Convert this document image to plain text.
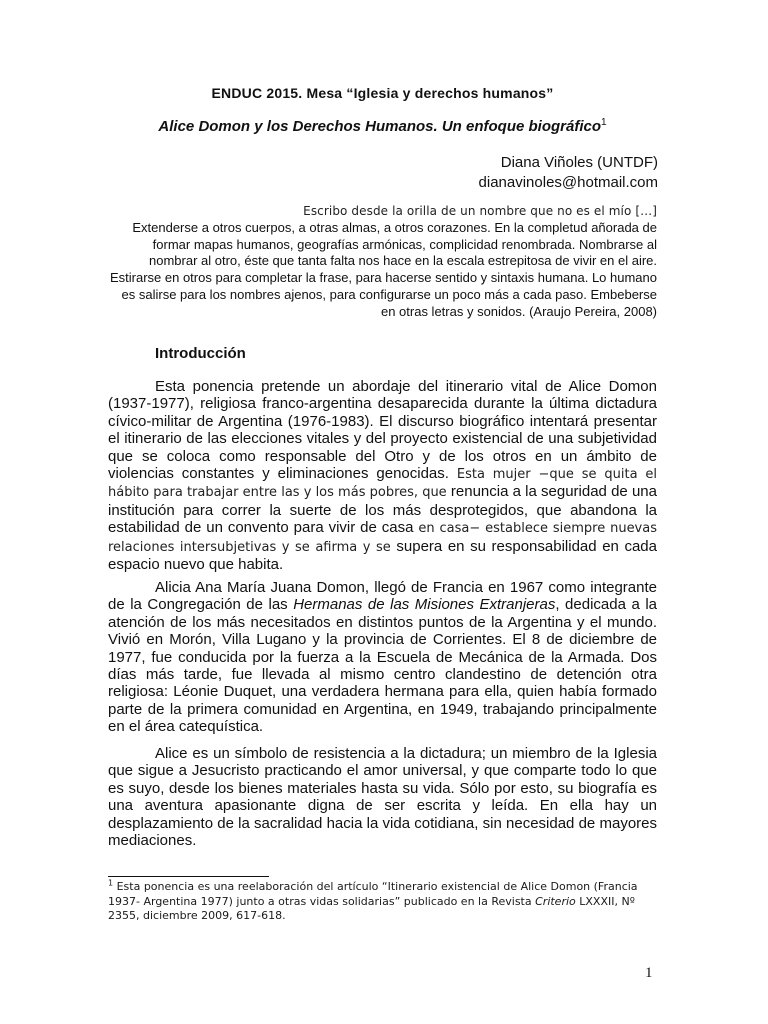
ENDUC 2015. Mesa “Iglesia y derechos humanos”
Alice Domon y los Derechos Humanos. Un enfoque biográfico$^1$
Diana Viñoles (UNTDF)
dianavinoles@hotmail.com
Escribo desde la orilla de un nombre que no es el mío […]
Extenderse a otros cuerpos, a otras almas, a otros corazones. En la completud añorada de formar mapas humanos, geografías armónicas, complicidad renombrada. Nombrarse al nombrar al otro, éste que tanta falta nos hace en la escala estrepitosa de vivir en el aire. Estirarse en otros para completar la frase, para hacerse sentido y sintaxis humana. Lo humano es salirse para los nombres ajenos, para configurarse un poco más a cada paso. Embeberse en otras letras y sonidos. (Araujo Pereira, 2008)
Introducción

Esta ponencia pretende un abordaje del itinerario vital de Alice Domon (1937-1977), religiosa franco-argentina desaparecida durante la última dictadura cívico-militar de Argentina (1976-1983). El discurso biográfico intentará presentar el itinerario de las elecciones vitales y del proyecto existencial de una subjetividad que se coloca como responsable del Otro y de los otros en un ámbito de violencias constantes y eliminaciones genocidas. Esta mujer −que se quita el hábito para trabajar entre las y los más pobres, que renuncia a la seguridad de una institución para correr la suerte de los más desprotegidos, que abandona la estabilidad de un convento para vivir de casa en casa− establece siempre nuevas relaciones intersubjetivas y se afirma y se supera en su responsabilidad en cada espacio nuevo que habita.

Alicia Ana María Juana Domon, llegó de Francia en 1967 como integrante de la Congregación de las Hermanas de las Misiones Extranjeras, dedicada a la atención de los más necesitados en distintos puntos de la Argentina y el mundo. Vivió en Morón, Villa Lugano y la provincia de Corrientes. El 8 de diciembre de 1977, fue conducida por la fuerza a la Escuela de Mecánica de la Armada. Dos días más tarde, fue llevada al mismo centro clandestino de detención otra religiosa: Léonie Duquet, una verdadera hermana para ella, quien había formado parte de la primera comunidad en Argentina, en 1949, trabajando principalmente en el área catequística.

Alice es un símbolo de resistencia a la dictadura; un miembro de la Iglesia que sigue a Jesucristo practicando el amor universal, y que comparte todo lo que es suyo, desde los bienes materiales hasta su vida. Sólo por esto, su biografía es una aventura apasionante digna de ser escrita y leída. En ella hay un desplazamiento de la sacralidad hacia la vida cotidiana, sin necesidad de mayores mediaciones.

$^1$ Esta ponencia es una reelaboración del artículo “Itinerario existencial de Alice Domon (Francia 1937- Argentina 1977) junto a otras vidas solidarias” publicado en la Revista Criterio LXXXII, Nº 2355, diciembre 2009, 617-618.
1
